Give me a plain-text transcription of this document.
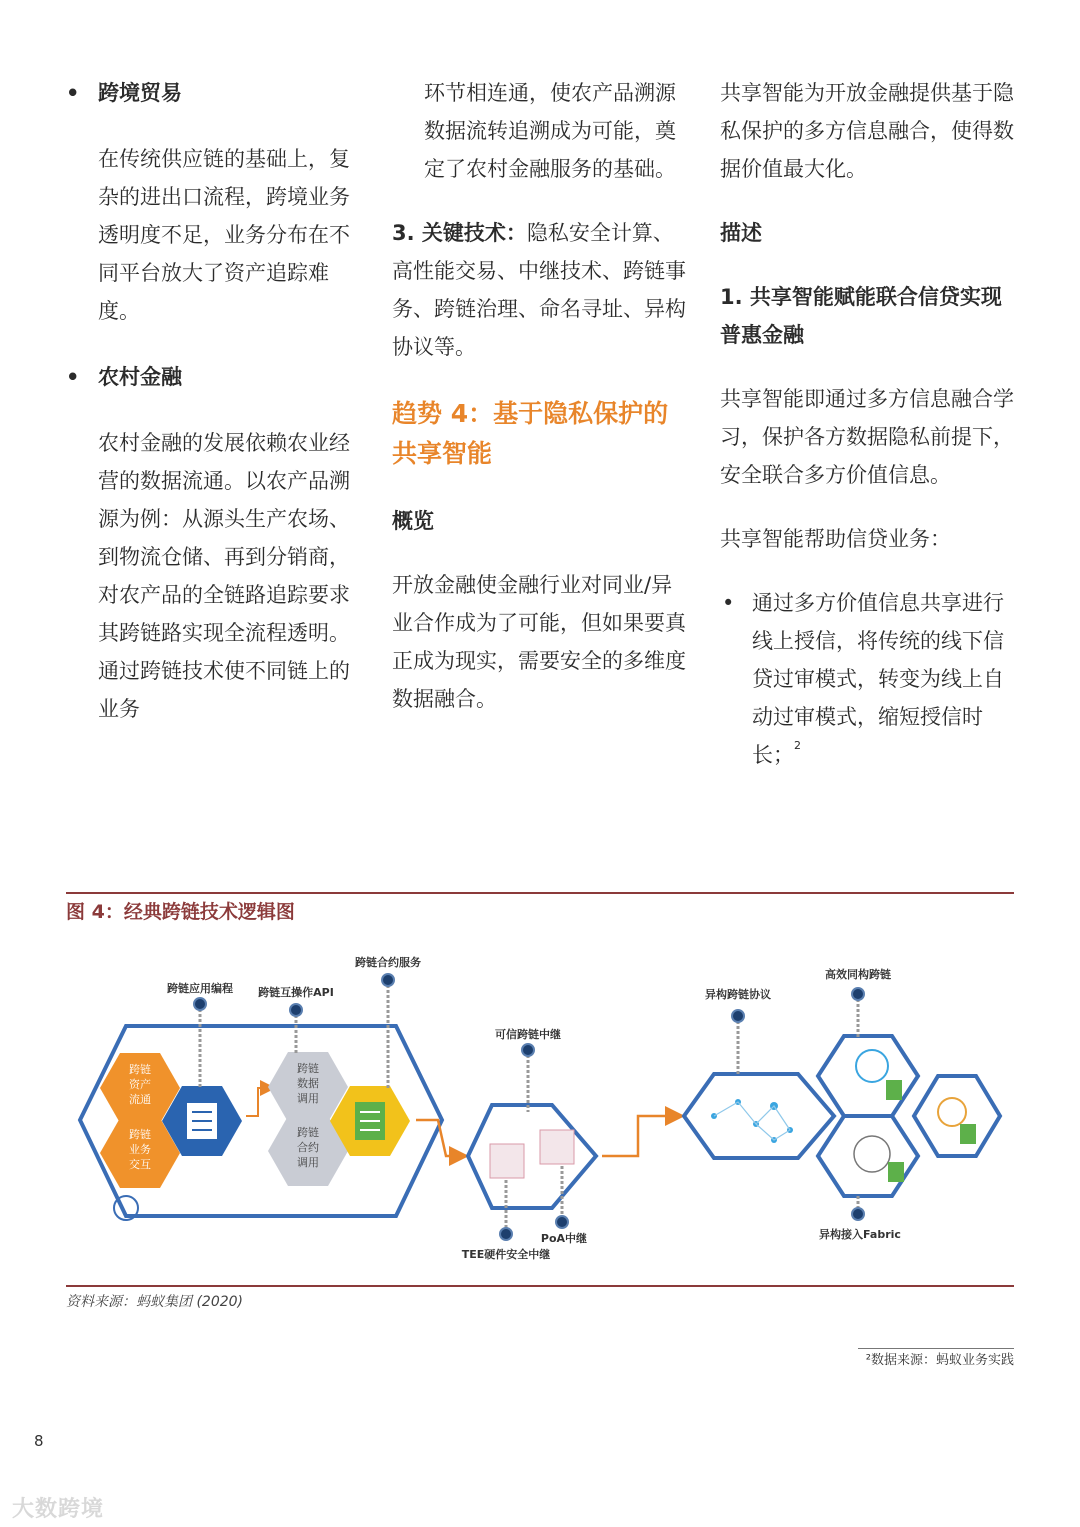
• 跨境贸易

在传统供应链的基础上，复杂的进出口流程，跨境业务透明度不足，业务分布在不同平台放大了资产追踪难度。

• 农村金融

农村金融的发展依赖农业经营的数据流通。以农产品溯源为例：从源头生产农场、到物流仓储、再到分销商，对农产品的全链路追踪要求其跨链路实现全流程透明。通过跨链技术使不同链上的业务

环节相连通，使农产品溯源数据流转追溯成为可能，奠定了农村金融服务的基础。

3. 关键技术：隐私安全计算、高性能交易、中继技术、跨链事务、跨链治理、命名寻址、异构协议等。

趋势 4：基于隐私保护的共享智能

概览

开放金融使金融行业对同业/异业合作成为了可能，但如果要真正成为现实，需要安全的多维度数据融合。

共享智能为开放金融提供基于隐私保护的多方信息融合，使得数据价值最大化。

描述

1. 共享智能赋能联合信贷实现普惠金融

共享智能即通过多方信息融合学习，保护各方数据隐私前提下，安全联合多方价值信息。

共享智能帮助信贷业务：

• 通过多方价值信息共享进行线上授信，将传统的线下信贷过审模式，转变为线上自动过审模式，缩短授信时长；$^2$

图 4：经典跨链技术逻辑图
跨链
资产
流通
跨链
业务
交互
跨链
数据
调用
跨链
合约
调用
跨链应用编程 跨链互操作API
跨链合约服务
可信跨链中继
TEE硬件安全中继
PoA中继
异构跨链协议
高效同构跨链
异构接入Fabric
资料来源：蚂蚁集团 (2020)
²数据来源：蚂蚁业务实践
8
大数跨境
